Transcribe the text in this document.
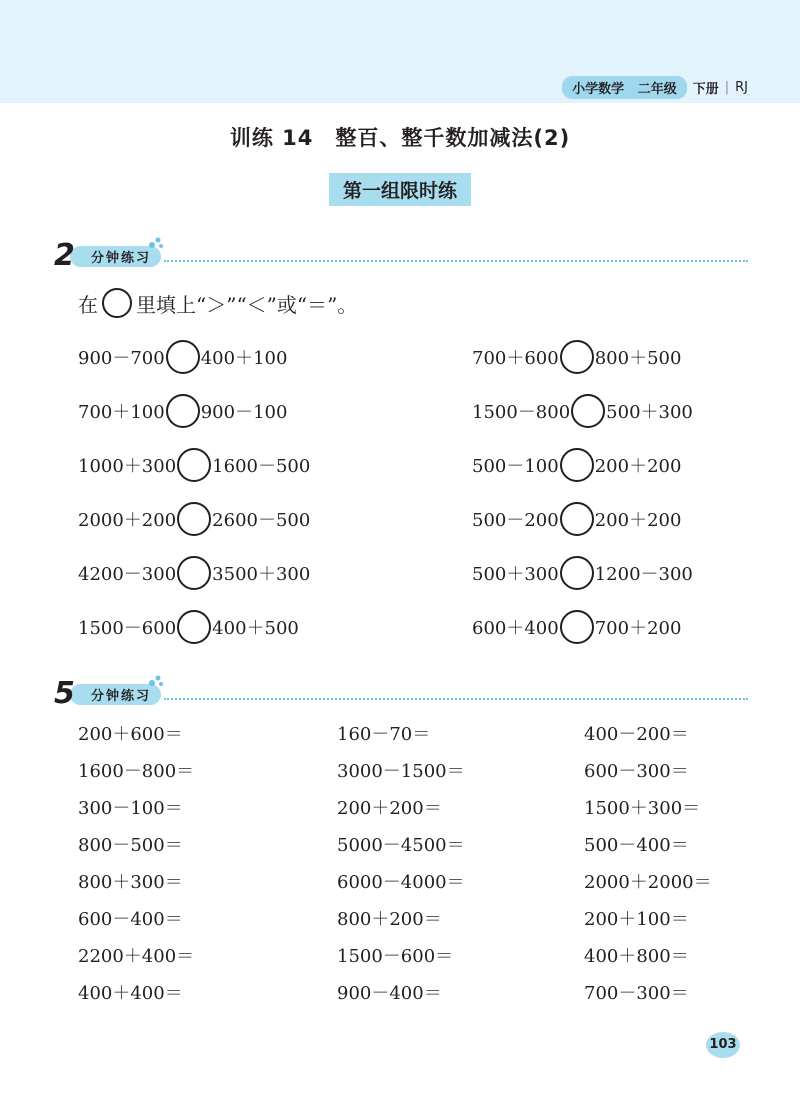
小学数学 二年级	下册 | RJ
训练 14　整百、整千数加减法(2)
第一组限时练
分钟练习
2
在 里填上“＞”“＜”或“＝”。
900－700 400＋100
700＋100 900－100
1000＋300 1600－500
2000＋200 2600－500
4200－300 3500＋300
1500－600 400＋500
700＋600 800＋500
1500－800 500＋300
500－100 200＋200
500－200 200＋200
500＋300 1200－300
600＋400 700＋200
分钟练习
5
200＋600＝
1600－800＝
300－100＝
800－500＝
800＋300＝
600－400＝
2200＋400＝
400＋400＝
160－70＝
3000－1500＝
200＋200＝
5000－4500＝
6000－4000＝
800＋200＝
1500－600＝
900－400＝
400－200＝
600－300＝
1500＋300＝
500－400＝
2000＋2000＝
200＋100＝
400＋800＝
700－300＝
103
